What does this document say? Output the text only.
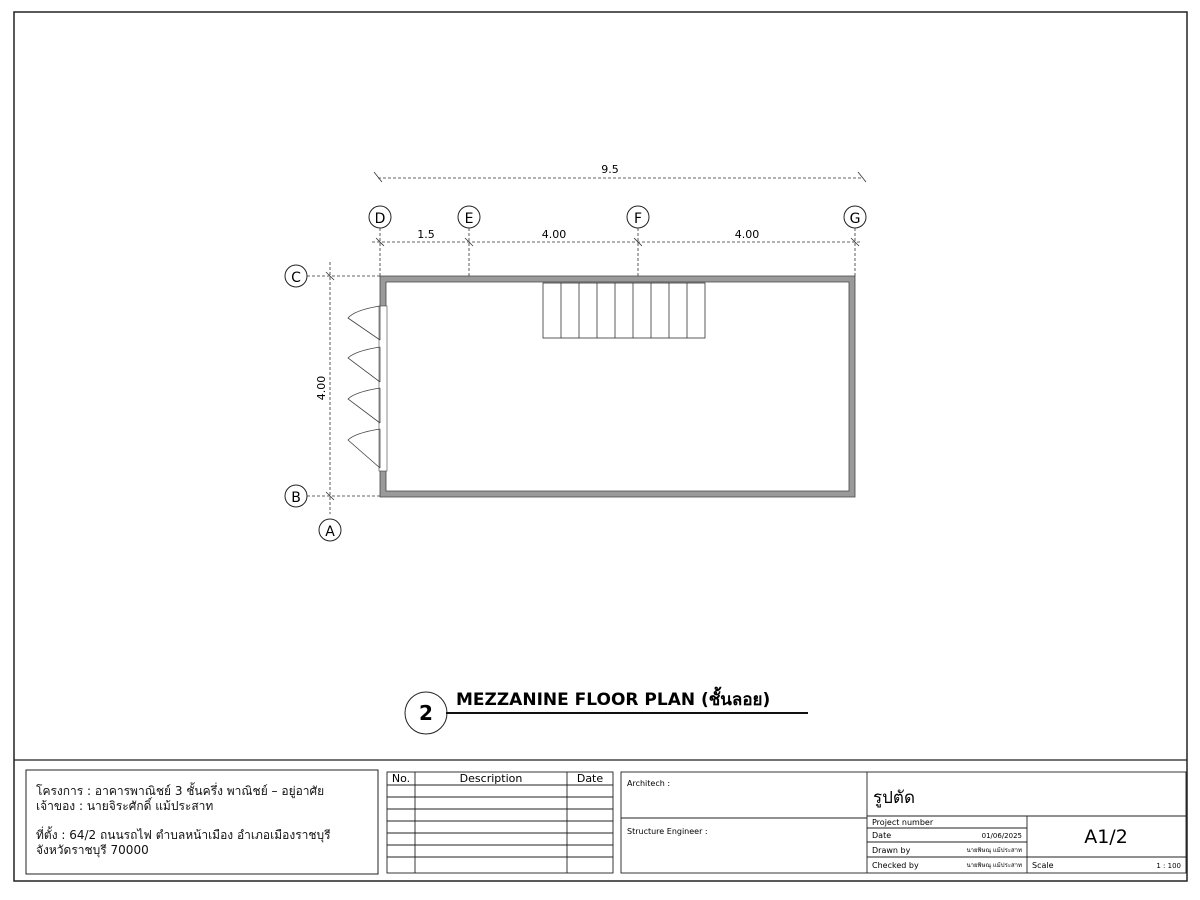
9.5
D	E	F	G
1.5	4.00	4.00
C
B
A
4.00
2
MEZZANINE FLOOR PLAN (ชั้นลอย)
No.	Description	Date	Architech :
Structure Engineer :
รูปตัด
Project number
Date	01/06/2025
Drawn by	นายพิษณุ แม้ประสาท
Checked by	นายพิษณุ แม้ประสาท
A1/2
Scale	1 : 100
โครงการ : อาคารพาณิชย์ 3 ชั้นครึ่ง พาณิชย์ – อยู่อาศัย
เจ้าของ : นายจิระศักดิ์ แม้ประสาท
ที่ตั้ง : 64/2 ถนนรถไฟ ตำบลหน้าเมือง อำเภอเมืองราชบุรี
จังหวัดราชบุรี 70000
